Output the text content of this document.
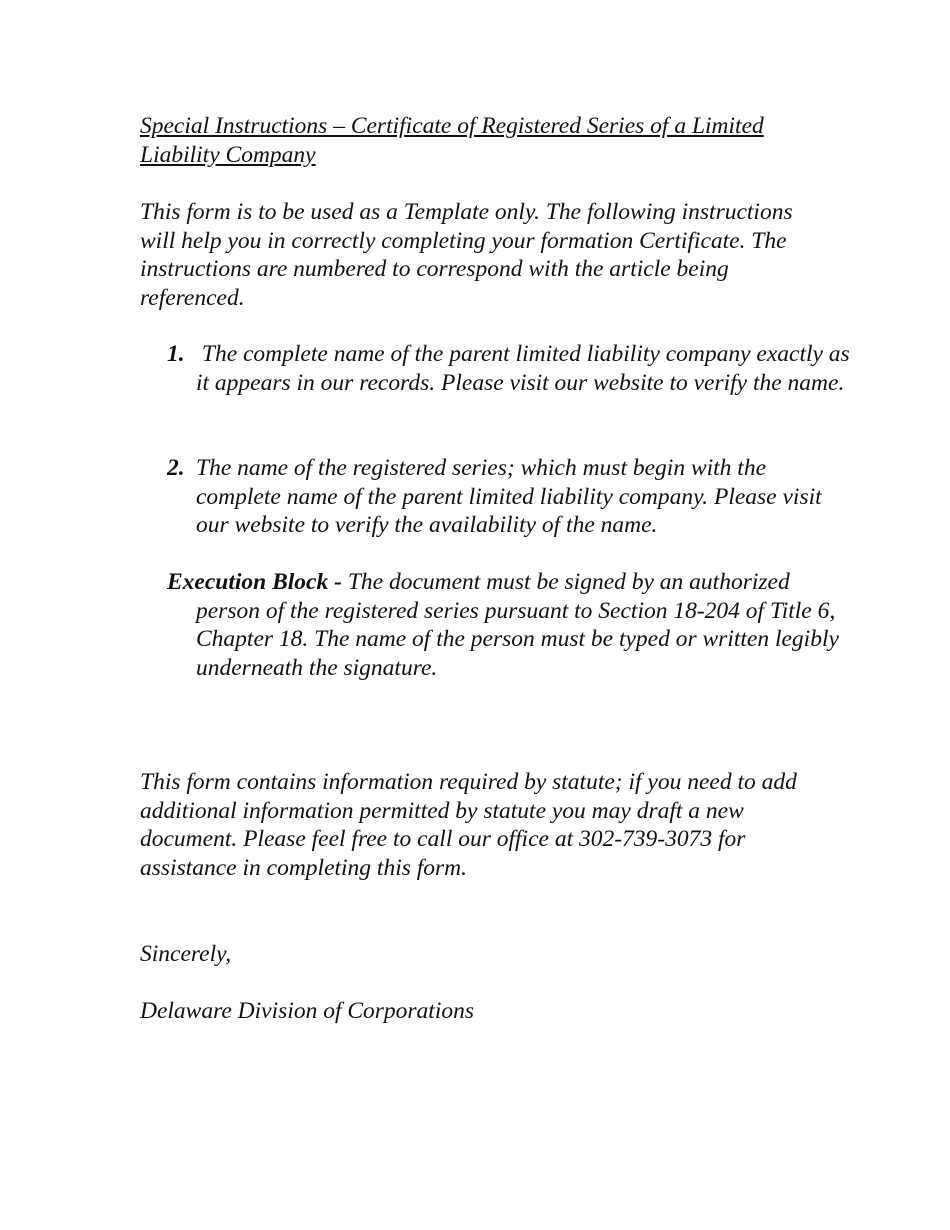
Special Instructions – Certificate of Registered Series of a Limited Liability Company
This form is to be used as a Template only. The following instructions will help you in correctly completing your formation Certificate. The instructions are numbered to correspond with the article being referenced.
1. The complete name of the parent limited liability company exactly as it appears in our records. Please visit our website to verify the name.
2. The name of the registered series; which must begin with the complete name of the parent limited liability company. Please visit our website to verify the availability of the name.
Execution Block - The document must be signed by an authorized person of the registered series pursuant to Section 18-204 of Title 6, Chapter 18. The name of the person must be typed or written legibly underneath the signature.
This form contains information required by statute; if you need to add additional information permitted by statute you may draft a new document. Please feel free to call our office at 302-739-3073 for assistance in completing this form.
Sincerely,
Delaware Division of Corporations
